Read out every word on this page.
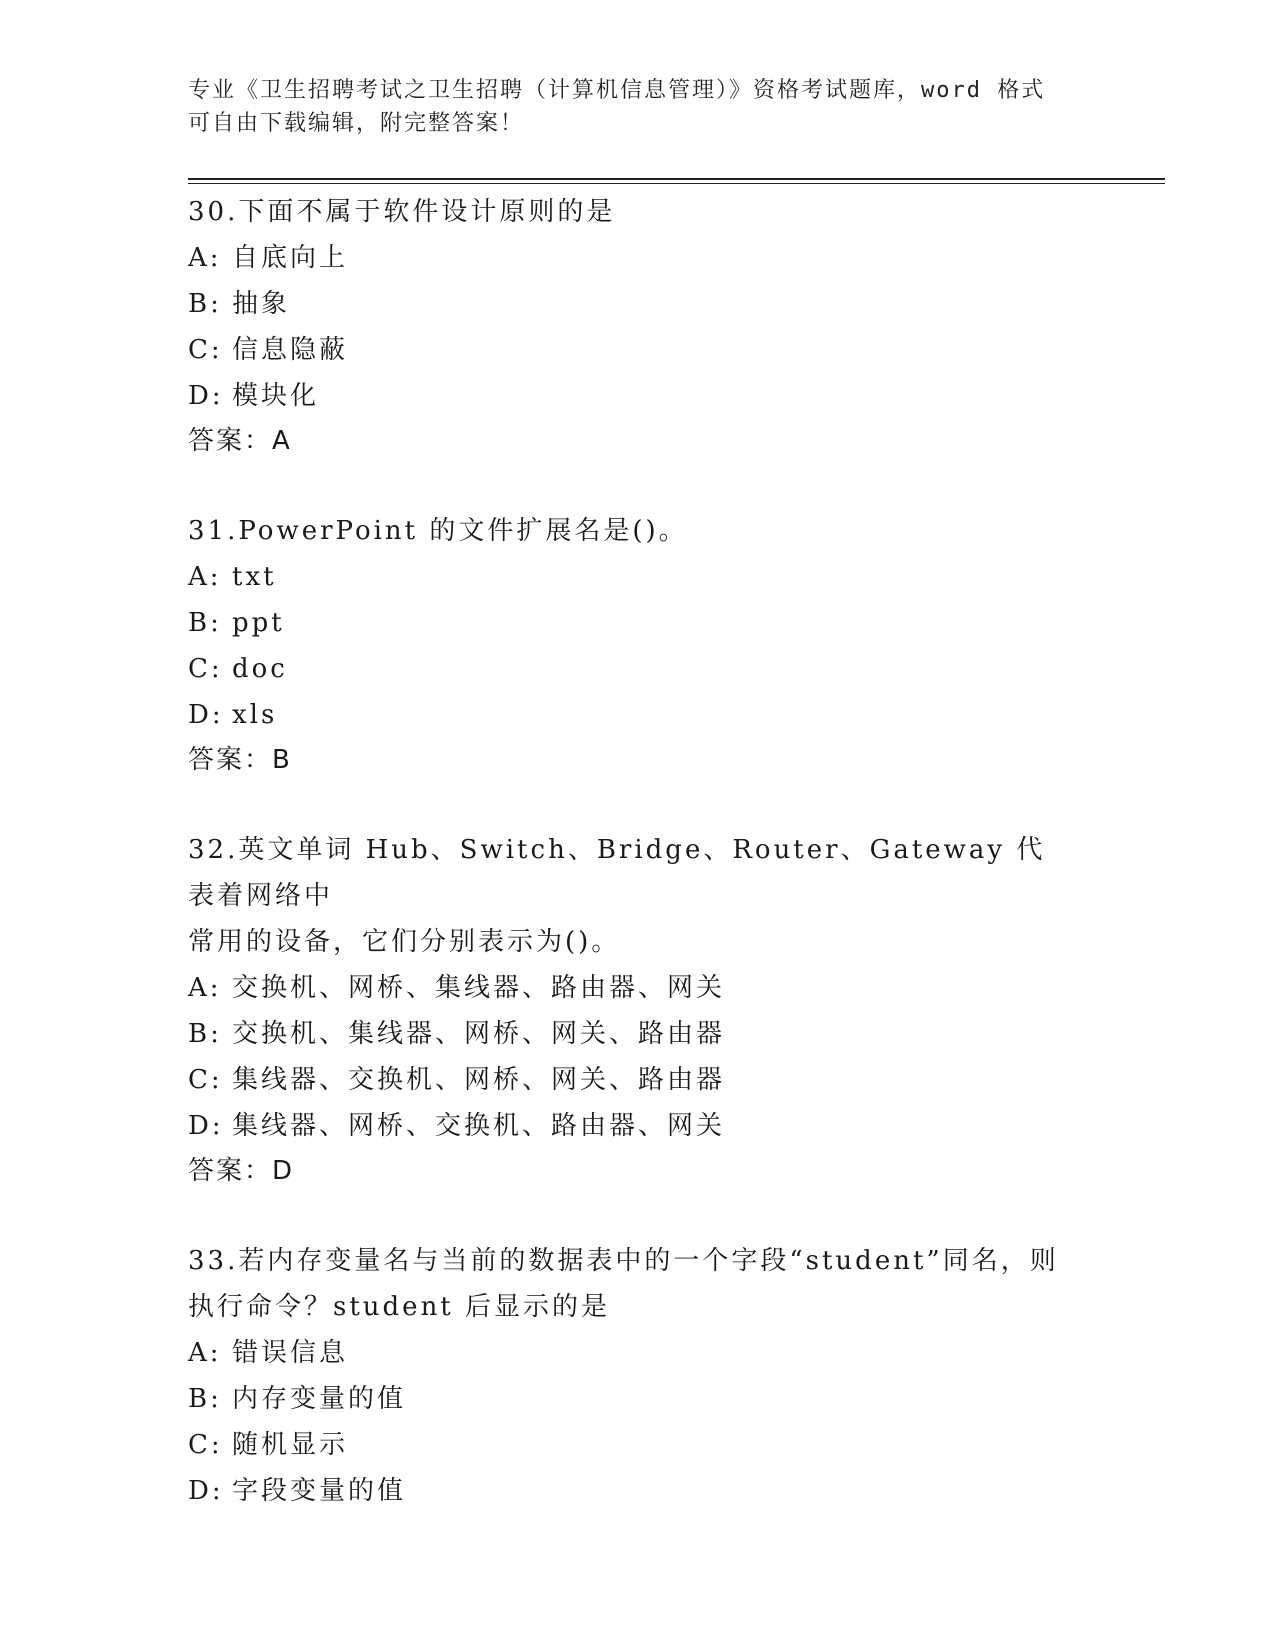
专业《卫生招聘考试之卫生招聘（计算机信息管理）》资格考试题库，word 格式
可自由下载编辑，附完整答案！

30.下面不属于软件设计原则的是

A: 自底向上

B: 抽象

C: 信息隐蔽

D: 模块化

答案：A

31.PowerPoint 的文件扩展名是()。

A: txt

B: ppt

C: doc

D: xls

答案：B

32.英文单词 Hub、Switch、Bridge、Router、Gateway 代表着网络中

常用的设备，它们分别表示为()。

A: 交换机、网桥、集线器、路由器、网关

B: 交换机、集线器、网桥、网关、路由器

C: 集线器、交换机、网桥、网关、路由器

D: 集线器、网桥、交换机、路由器、网关

答案：D

33.若内存变量名与当前的数据表中的一个字段“student”同名，则

执行命令？student 后显示的是

A: 错误信息

B: 内存变量的值

C: 随机显示

D: 字段变量的值
